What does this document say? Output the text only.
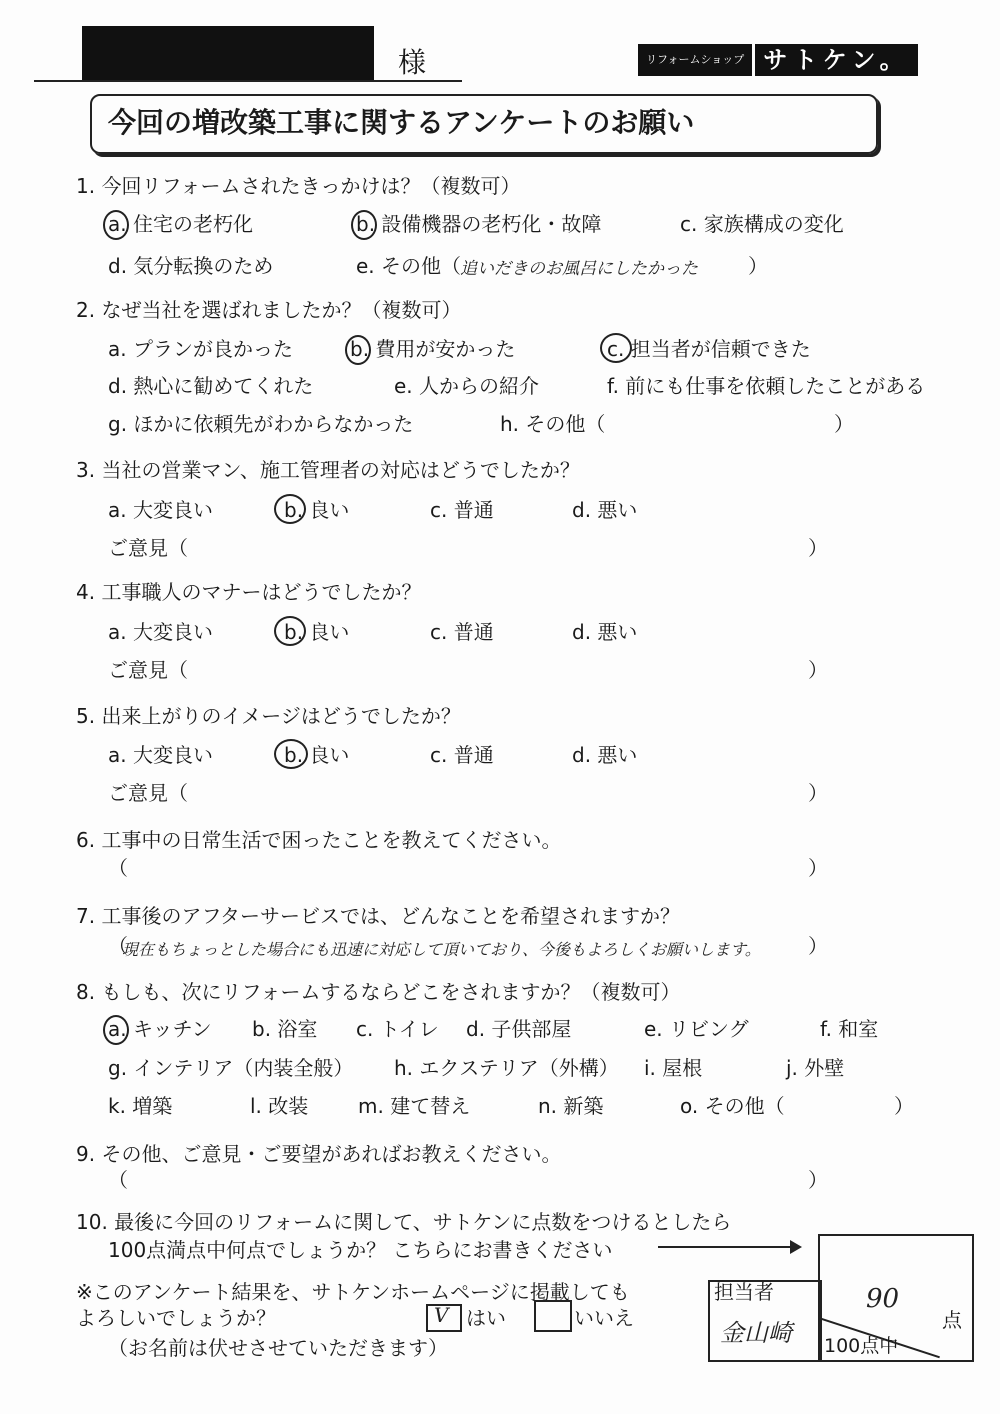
様	リフォームショップ サトケン。
今回の増改築工事に関するアンケートのお願い
1. 今回リフォームされたきっかけは？（複数可）
a. 住宅の老朽化	b. 設備機器の老朽化・故障	c. 家族構成の変化
d. 気分転換のため	e. その他（
追いだきのお風呂にしたかった	）
2. なぜ当社を選ばれましたか？（複数可）
a. プランが良かった	b. 費用が安かった	c. 担当者が信頼できた
d. 熱心に勧めてくれた	e. 人からの紹介	f. 前にも仕事を依頼したことがある
g. ほかに依頼先がわからなかった	h. その他（	）
3. 当社の営業マン、施工管理者の対応はどうでしたか？
a. 大変良い	b. 良い	c. 普通	d. 悪い
ご意見（	）
4. 工事職人のマナーはどうでしたか？
a. 大変良い	b. 良い	c. 普通	d. 悪い
ご意見（	）
5. 出来上がりのイメージはどうでしたか？
a. 大変良い	b. 良い	c. 普通	d. 悪い
ご意見（	）
6. 工事中の日常生活で困ったことを教えてください。
（	）
7. 工事後のアフターサービスでは、どんなことを希望されますか？
（
現在もちょっとした場合にも迅速に対応して頂いており、今後もよろしくお願いします。 ）
8. もしも、次にリフォームするならどこをされますか？（複数可）
a. キッチン b. 浴室 c. トイレ d. 子供部屋	e. リビング	f. 和室
g. インテリア（内装全般） h. エクステリア（外構） i. 屋根	j. 外壁
k. 増築	l. 改装 m. 建て替え	n. 新築	o. その他（	）
9. その他、ご意見・ご要望があればお教えください。
（	）
10. 最後に今回のリフォームに関して、サトケンに点数をつけるとしたら
100点満点中何点でしょうか？ こちらにお書きください
90
点
100点中
担当者
金山崎
※このアンケート結果を、サトケンホームページに掲載しても
よろしいでしょうか？	V はい	いいえ
（お名前は伏せさせていただきます）
